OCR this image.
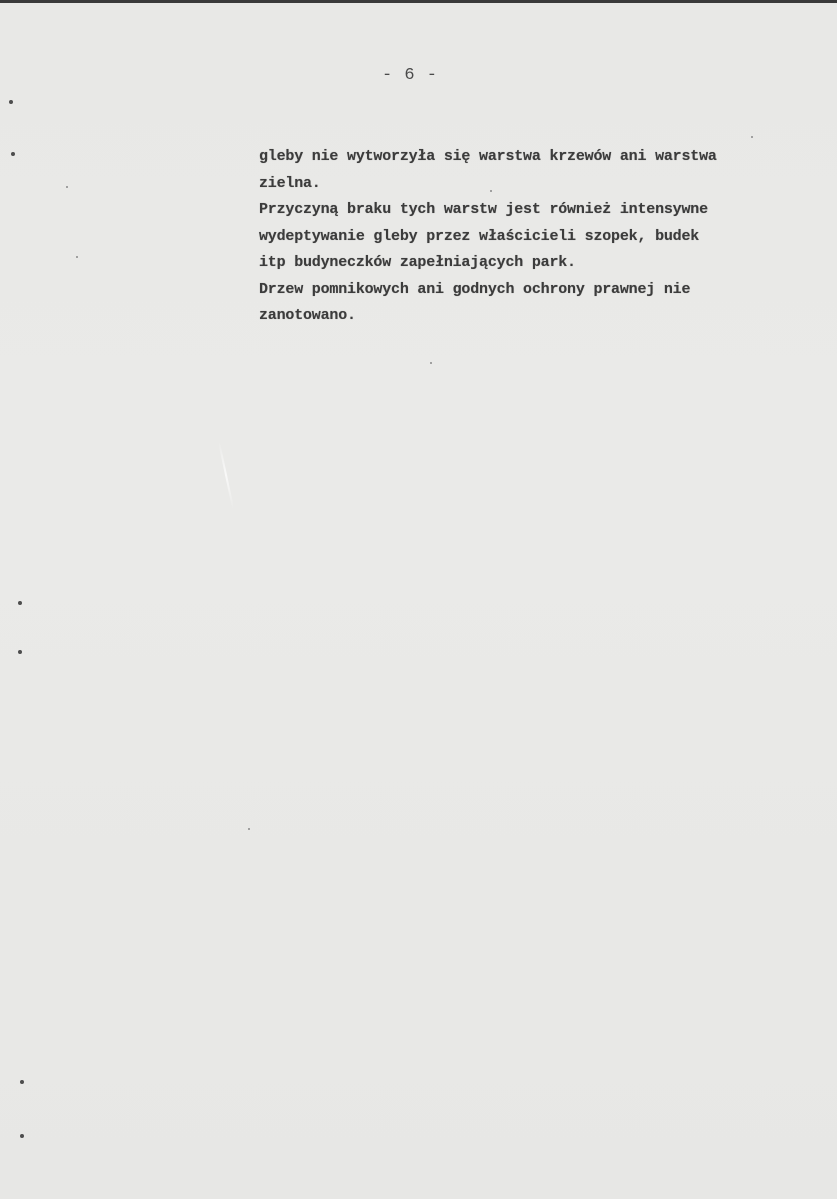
- 6 -
gleby nie wytworzyła się warstwa krzewów ani warstwa
zielna.
Przyczyną braku tych warstw jest również intensywne
wydeptywanie gleby przez właścicieli szopek, budek
itp budyneczków zapełniających park.
Drzew pomnikowych ani godnych ochrony prawnej nie
zanotowano.
